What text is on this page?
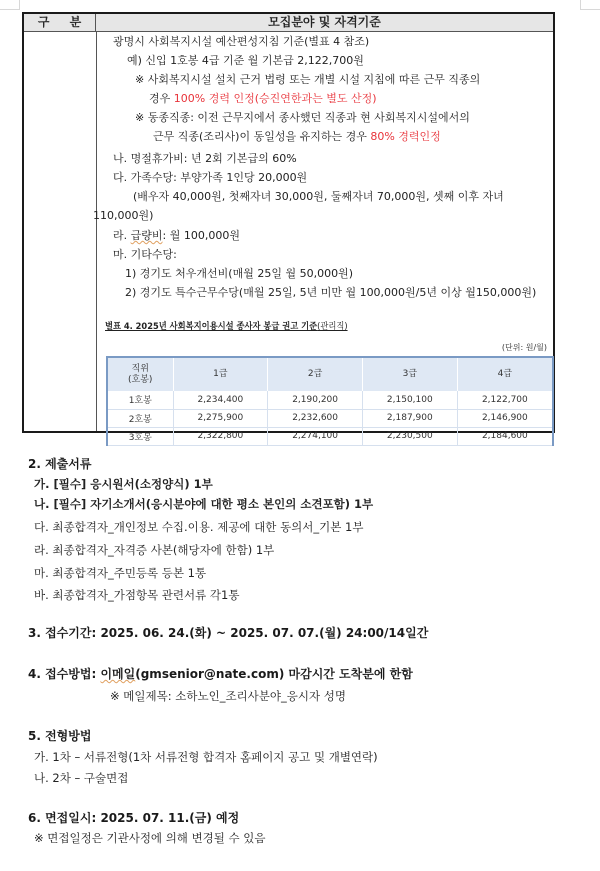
구 분	모집분야 및 자격기준
광명시 사회복지시설 예산편성지침 기준(별표 4 참조)
예) 신입 1호봉 4급 기준 월 기본급 2,122,700원
※ 사회복지시설 설치 근거 법령 또는 개별 시설 지침에 따른 근무 직종의
경우 100% 경력 인정(승진연한과는 별도 산정)
※ 동종직종: 이전 근무지에서 종사했던 직종과 현 사회복지시설에서의
근무 직종(조리사)이 동일성을 유지하는 경우 80% 경력인정
나. 명절휴가비: 년 2회 기본급의 60%
다. 가족수당: 부양가족 1인당 20,000원
(배우자 40,000원, 첫째자녀 30,000원, 둘째자녀 70,000원, 셋째 이후 자녀
110,000원)
라. 급량비: 월 100,000원
마. 기타수당:
1) 경기도 처우개선비(매월 25일 월 50,000원)
2) 경기도 특수근무수당(매월 25일, 5년 미만 월 100,000원/5년 이상 월150,000원)
별표 4. 2025년 사회복지이용시설 종사자 봉급 권고 기준(관리직)
(단위: 원/월)
직위
(호봉)	1급	2급	3급	4급
1호봉	2,234,400	2,190,200	2,150,100	2,122,700
2호봉	2,275,900	2,232,600	2,187,900	2,146,900
3호봉	2,322,800	2,274,100	2,230,500	2,184,600
2. 제출서류
가. [필수] 응시원서(소정양식) 1부
나. [필수] 자기소개서(응시분야에 대한 평소 본인의 소견포함) 1부
다. 최종합격자_개인정보 수집.이용. 제공에 대한 동의서_기본 1부
라. 최종합격자_자격증 사본(해당자에 한함) 1부
마. 최종합격자_주민등록 등본 1통
바. 최종합격자_가점항목 관련서류 각1통
3. 접수기간: 2025. 06. 24.(화) ~ 2025. 07. 07.(월) 24:00/14일간
4. 접수방법: 이메일(gmsenior@nate.com) 마감시간 도착분에 한함
※ 메일제목: 소하노인_조리사분야_응시자 성명
5. 전형방법
가. 1차 – 서류전형(1차 서류전형 합격자 홈페이지 공고 및 개별연락)
나. 2차 – 구술면접
6. 면접일시: 2025. 07. 11.(금) 예정
※ 면접일정은 기관사정에 의해 변경될 수 있음
